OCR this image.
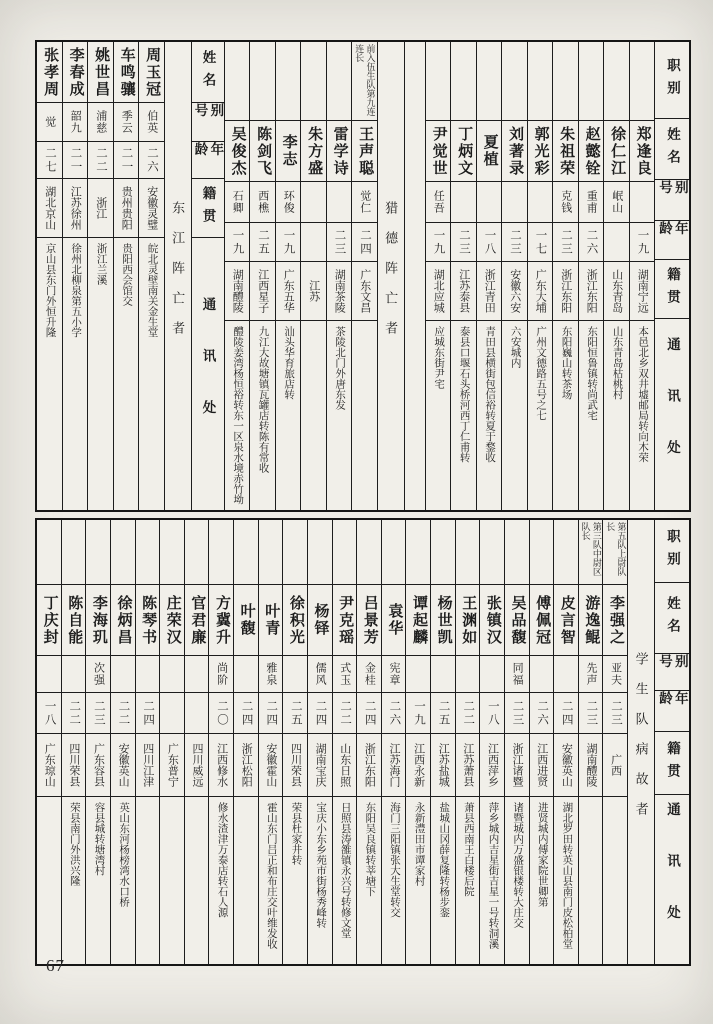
职别
姓名
别号
年龄
籍贯
通讯处
郑逢良
一九
湖南宁远
本邑北乡双井墟邮局转向木荣
徐仁江
岷山
山东青岛
山东青岛枯桃村
赵懿铨
重甫
二六
浙江东阳
东阳恒鲁镇转尚武宅
朱祖荣
克钱
二三
浙江东阳
东阳巍山转茶场
郭光彩
一七
广东大埔
广州文德路五号之七
刘著录
二三
安徽六安
六安城内
夏植
一八
浙江青田
青田县横街包信裕转夏于鍪收
丁炳文
二三
江苏泰县
泰县口堰石头桥河西丁仁甫转
尹觉世
任吾
一九
湖北应城
应城东街尹宅
猎德阵亡者
前入伍生队第九连连长
王声聪
觉仁
二四
广东文昌
雷学诗
二三
湖南茶陵
茶陵北门外唐东发
朱方盛
江苏
李志
环俊
一九
广东五华
汕头华育旅店转
陈剑飞
西樵
二五
江西星子
九江大故塘镇瓦罐店转陈有常收
吴俊杰
石卿
一九
湖南醴陵
醴陵姜湾杨恒裕转东一区泉水境赤竹坳
姓名
别号
年龄
籍贯
通讯处
东江阵亡者
周玉冠
伯英
二六
安徽灵璧
皖北灵壁南关金生堂
车鸣骧
季云
二一
贵州贵阳
贵阳西会馆交
姚世昌
浦慈
二二
浙江
浙江兰溪
李春成
韶九
二一
江苏徐州
徐州北柳泉第五小学
张孝周
觉
二七
湖北京山
京山县东门外恒升隆
职别
姓名
别号
年龄
籍贯
通讯处
学生队病故者
第五队上尉队长
李强之
亚夫
二三
广西
第三队中尉区队长
游逸鲲
先声
二三
湖南醴陵
皮言智
二四
安徽英山
湖北罗田转英山县南门皮松柏堂
傅佩冠
二六
江西进贤
进贤城内傅家院世卿第
吴品馥
同福
二三
浙江诸暨
诸暨城内万盛银楼转大庄交
张镇汉
一八
江西萍乡
萍乡城内吉星街吉星一号转洞溪
王渊如
二二
江苏萧县
萧县西南王白楼后院
杨世凯
二五
江苏盐城
盐城山冈薛复隆转杨步銮
谭起麟
一九
江西永新
永新澧田市谭家村
袁华
宪章
二六
江苏海门
海门三阳镇张大生堂转交
吕景芳
金桂
二四
浙江东阳
东阳吴良镇转莘塘下
尹克瑶
式玉
二二
山东日照
日照县涛雒镇永兴号转修文堂
杨铎
儒风
二四
湖南宝庆
宝庆小东乡苑市街杨秀峰转
徐积光
二五
四川荣县
荣县杜家井转
叶青
雅泉
二四
安徽霍山
霍山东门吕正和布庄交叶维发收
叶馥
二四
浙江松阳
方冀升
尚阶
二〇
江西修水
修水渣津万泰店转石人源
官君廉
四川威远
庄荣汉
广东普宁
陈琴书
二四
四川江津
徐炳昌
二二
安徽英山
英山东河杨榜湾水口桥
李海玑
次强
二三
广东容县
容县城转塘湾村
陈自能
二二
四川荣县
荣县南门外洪兴隆
丁庆封
一八
广东琼山
67
